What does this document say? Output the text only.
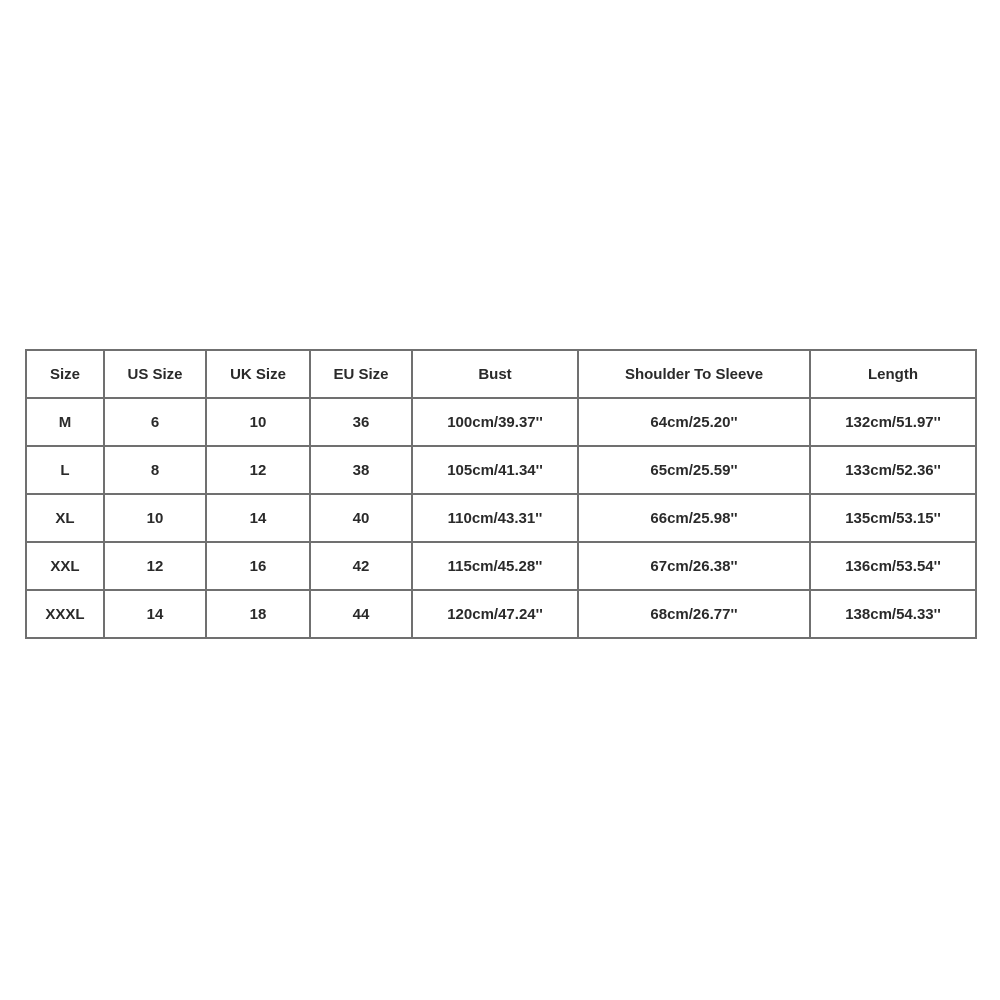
Size	US Size	UK Size	EU Size	Bust	Shoulder To Sleeve	Length
M	6	10	36	100cm/39.37''	64cm/25.20''	132cm/51.97''
L	8	12	38	105cm/41.34''	65cm/25.59''	133cm/52.36''
XL	10	14	40	110cm/43.31''	66cm/25.98''	135cm/53.15''
XXL	12	16	42	115cm/45.28''	67cm/26.38''	136cm/53.54''
XXXL	14	18	44	120cm/47.24''	68cm/26.77''	138cm/54.33''
